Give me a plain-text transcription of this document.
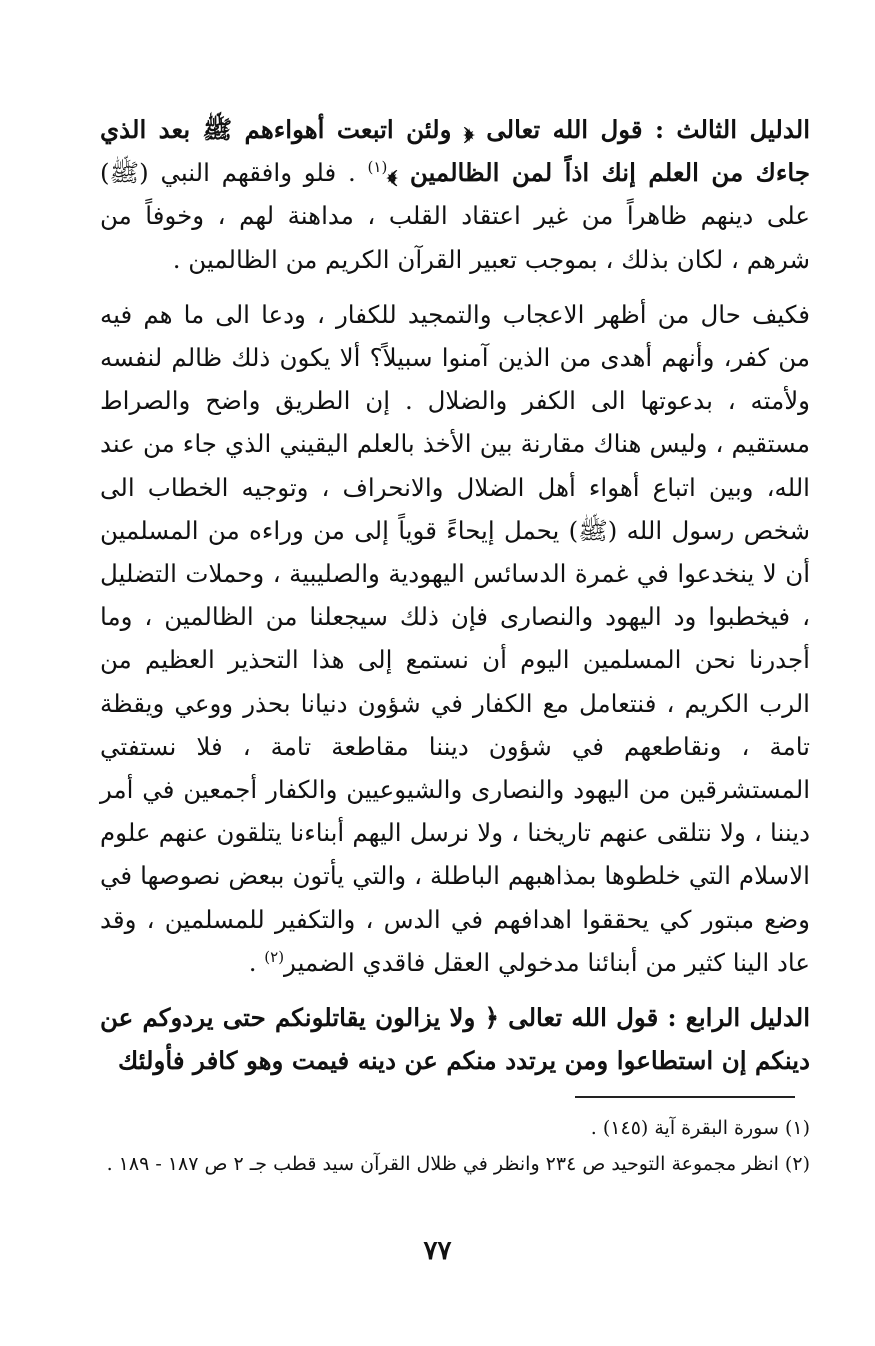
الدليل الثالث : قول الله تعالى ﴿ ولئن اتبعت أهواءهم ﷺ بعد الذي جاءك من العلم إنك اذاً لمن الظالمين ﴾$^{(١)}$ . فلو وافقهم النبي (ﷺ) على دينهم ظاهراً من غير اعتقاد القلب ، مداهنة لهم ، وخوفاً من شرهم ، لكان بذلك ، بموجب تعبير القرآن الكريم من الظالمين .

فكيف حال من أظهر الاعجاب والتمجيد للكفار ، ودعا الى ما هم فيه من كفر، وأنهم أهدى من الذين آمنوا سبيلاً؟ ألا يكون ذلك ظالم لنفسه ولأمته ، بدعوتها الى الكفر والضلال . إن الطريق واضح والصراط مستقيم ، وليس هناك مقارنة بين الأخذ بالعلم اليقيني الذي جاء من عند الله، وبين اتباع أهواء أهل الضلال والانحراف ، وتوجيه الخطاب الى شخص رسول الله (ﷺ) يحمل إيحاءً قوياً إلى من وراءه من المسلمين أن لا ينخدعوا في غمرة الدسائس اليهودية والصليبية ، وحملات التضليل ، فيخطبوا ود اليهود والنصارى فإن ذلك سيجعلنا من الظالمين ، وما أجدرنا نحن المسلمين اليوم أن نستمع إلى هذا التحذير العظيم من الرب الكريم ، فنتعامل مع الكفار في شؤون دنيانا بحذر ووعي ويقظة تامة ، ونقاطعهم في شؤون ديننا مقاطعة تامة ، فلا نستفتي المستشرقين من اليهود والنصارى والشيوعيين والكفار أجمعين في أمر ديننا ، ولا نتلقى عنهم تاريخنا ، ولا نرسل اليهم أبناءنا يتلقون عنهم علوم الاسلام التي خلطوها بمذاهبهم الباطلة ، والتي يأتون ببعض نصوصها في وضع مبتور كي يحققوا اهدافهم في الدس ، والتكفير للمسلمين ، وقد عاد الينا كثير من أبنائنا مدخولي العقل فاقدي الضمير$^{(٢)}$ .

الدليل الرابع : قول الله تعالى ﴿ ولا يزالون يقاتلونكم حتى يردوكم عن دينكم إن استطاعوا ومن يرتدد منكم عن دينه فيمت وهو كافر فأولئك

(١) سورة البقرة آية (١٤٥) .

(٢) انظر مجموعة التوحيد ص ٢٣٤ وانظر في ظلال القرآن سيد قطب جـ ٢ ص ١٨٧ - ١٨٩ .

٧٧
